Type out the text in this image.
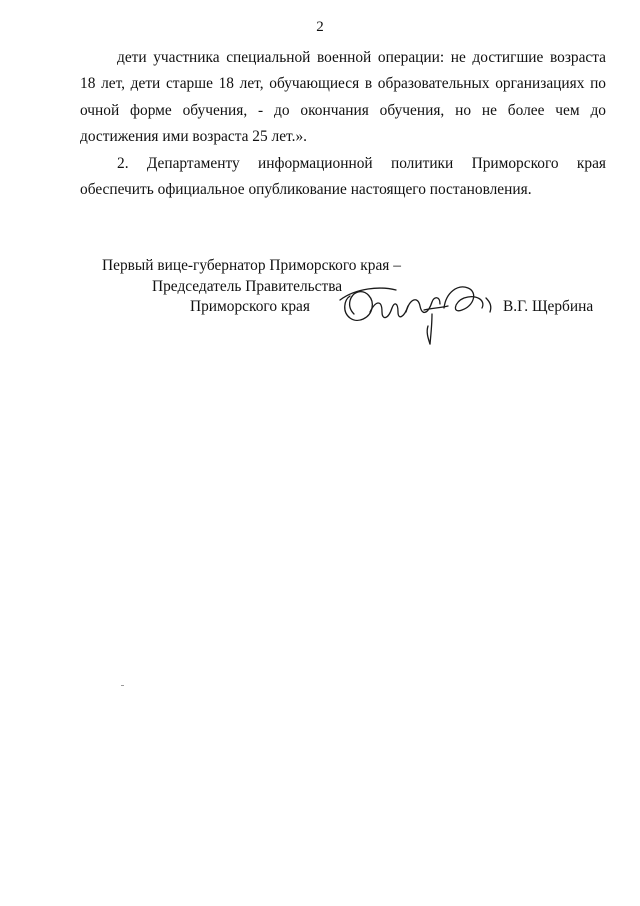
2

дети участника специальной военной операции: не достигшие возраста
18 лет, дети старше 18 лет, обучающиеся в образовательных организациях по
очной форме обучения, - до окончания обучения, но не более чем до
достижения ими возраста 25 лет.».

2. Департаменту информационной политики Приморского края
обеспечить официальное опубликование настоящего постановления.

Первый вице-губернатор Приморского края –
Председатель Правительства
Приморского края	В.Г. Щербина
